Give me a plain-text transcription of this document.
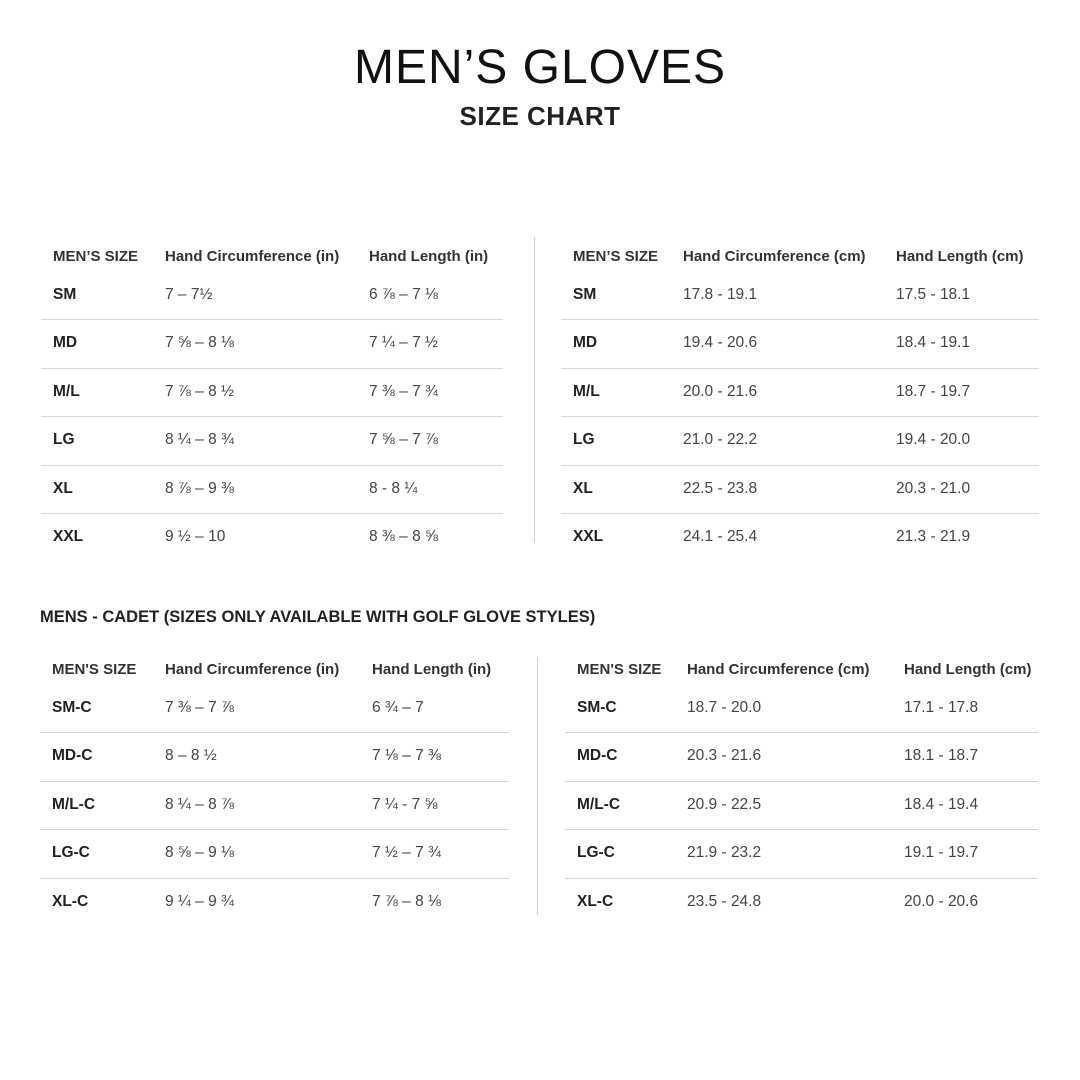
MEN’S GLOVES
SIZE CHART
MEN’S SIZE Hand Circumference (in) Hand Length (in)
SM	7 – 7½	6 ⅞ – 7 ⅛
MD	7 ⅝ – 8 ⅛	7 ¼ – 7 ½
M/L	7 ⅞ – 8 ½	7 ⅜ – 7 ¾
LG	8 ¼ – 8 ¾	7 ⅝ – 7 ⅞
XL	8 ⅞ – 9 ⅜	8 - 8 ¼
XXL	9 ½ – 10	8 ⅜ – 8 ⅝
MEN’S SIZE Hand Circumference (cm) Hand Length (cm)
SM	17.8 - 19.1	17.5 - 18.1
MD	19.4 - 20.6	18.4 - 19.1
M/L	20.0 - 21.6	18.7 - 19.7
LG	21.0 - 22.2	19.4 - 20.0
XL	22.5 - 23.8	20.3 - 21.0
XXL	24.1 - 25.4	21.3 - 21.9
MENS - CADET (SIZES ONLY AVAILABLE WITH GOLF GLOVE STYLES)
MEN'S SIZE Hand Circumference (in) Hand Length (in)
SM-C	7 ⅜ – 7 ⅞	6 ¾ – 7
MD-C	8 – 8 ½	7 ⅛ – 7 ⅜
M/L-C	8 ¼ – 8 ⅞	7 ¼ - 7 ⅝
LG-C	8 ⅝ – 9 ⅛	7 ½ – 7 ¾
XL-C	9 ¼ – 9 ¾	7 ⅞ – 8 ⅛
MEN'S SIZE Hand Circumference (cm) Hand Length (cm)
SM-C	18.7 - 20.0	17.1 - 17.8
MD-C	20.3 - 21.6	18.1 - 18.7
M/L-C	20.9 - 22.5	18.4 - 19.4
LG-C	21.9 - 23.2	19.1 - 19.7
XL-C	23.5 - 24.8	20.0 - 20.6
